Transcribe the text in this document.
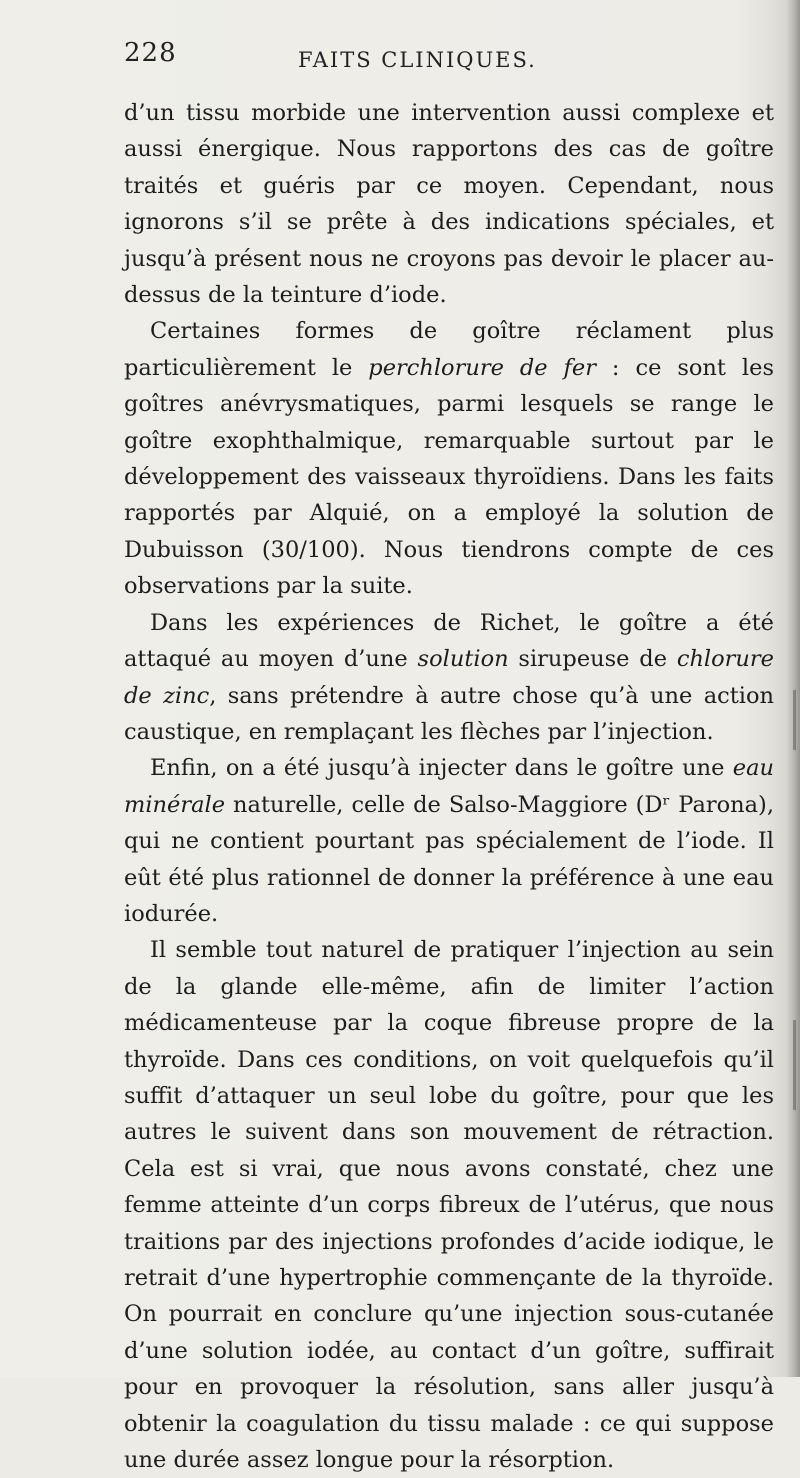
228	FAITS CLINIQUES.

d’un tissu morbide une intervention aussi complexe et aussi énergique. Nous rapportons des cas de goître traités et guéris par ce moyen. Cependant, nous ignorons s’il se prête à des indications spéciales, et jusqu’à présent nous ne croyons pas devoir le placer au-dessus de la teinture d’iode.

Certaines formes de goître réclament plus particulièrement le perchlorure de fer : ce sont les goîtres anévrysmatiques, parmi lesquels se range le goître exophthalmique, remarquable surtout par le développement des vaisseaux thyroïdiens. Dans les faits rapportés par Alquié, on a employé la solution de Dubuisson (30/100). Nous tiendrons compte de ces observations par la suite.

Dans les expériences de Richet, le goître a été attaqué au moyen d’une solution sirupeuse de chlorure de zinc, sans prétendre à autre chose qu’à une action caustique, en remplaçant les flèches par l’injection.

Enfin, on a été jusqu’à injecter dans le goître une eau minérale naturelle, celle de Salso-Maggiore (Dʳ Parona), qui ne contient pourtant pas spécialement de l’iode. Il eût été plus rationnel de donner la préférence à une eau iodurée.

Il semble tout naturel de pratiquer l’injection au sein de la glande elle-même, afin de limiter l’action médicamenteuse par la coque fibreuse propre de la thyroïde. Dans ces conditions, on voit quelquefois qu’il suffit d’attaquer un seul lobe du goître, pour que les autres le suivent dans son mouvement de rétraction. Cela est si vrai, que nous avons constaté, chez une femme atteinte d’un corps fibreux de l’utérus, que nous traitions par des injections profondes d’acide iodique, le retrait d’une hypertrophie commençante de la thyroïde. On pourrait en conclure qu’une injection sous-cutanée d’une solution iodée, au contact d’un goître, suffirait pour en provoquer la résolution, sans aller jusqu’à obtenir la coagulation du tissu malade : ce qui suppose une durée assez longue pour la résorption.
